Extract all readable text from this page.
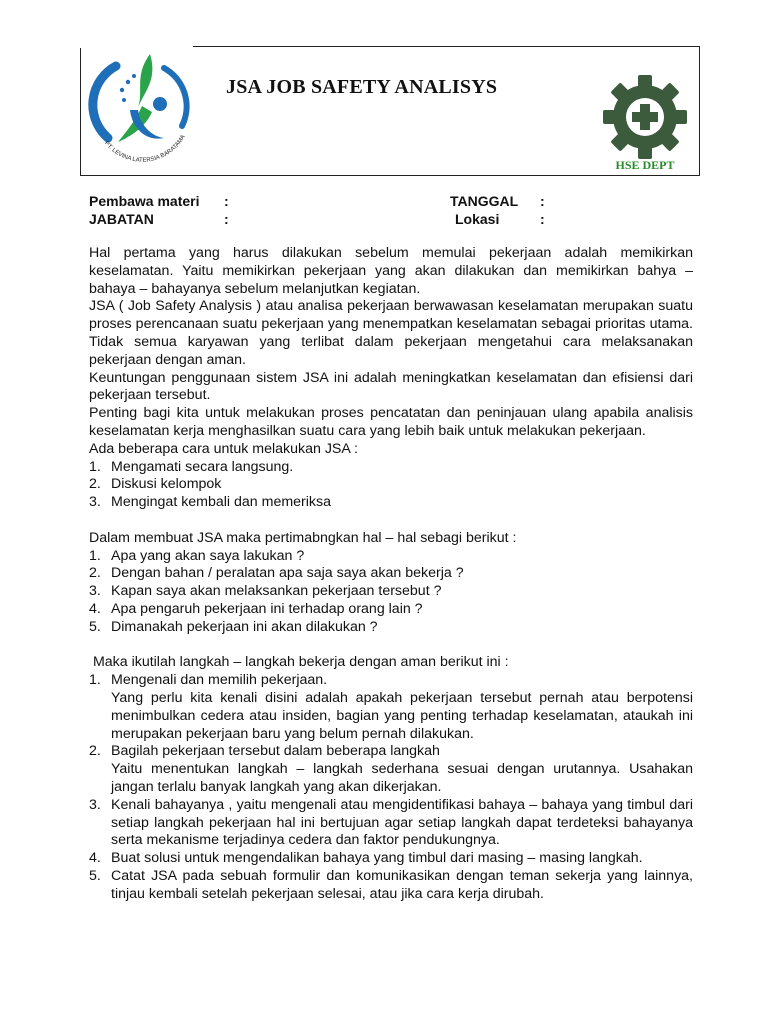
PT. LEVINA LATERSIA BARATAMA
JSA JOB SAFETY ANALISYS
HSE DEPT
Pembawa materi :
JABATAN	:
TANGGAL :
Lokasi	:

Hal pertama yang harus dilakukan sebelum memulai pekerjaan adalah memikirkan keselamatan. Yaitu memikirkan pekerjaan yang akan dilakukan dan memikirkan bahya – bahaya – bahayanya sebelum melanjutkan kegiatan.

JSA ( Job Safety Analysis ) atau analisa pekerjaan berwawasan keselamatan merupakan suatu proses perencanaan suatu pekerjaan yang menempatkan keselamatan sebagai prioritas utama. Tidak semua karyawan yang terlibat dalam pekerjaan mengetahui cara melaksanakan pekerjaan dengan aman.

Keuntungan penggunaan sistem JSA ini adalah meningkatkan keselamatan dan efisiensi dari pekerjaan tersebut.

Penting bagi kita untuk melakukan proses pencatatan dan peninjauan ulang apabila analisis keselamatan kerja menghasilkan suatu cara yang lebih baik untuk melakukan pekerjaan.

Ada beberapa cara untuk melakukan JSA :

1. Mengamati secara langsung.
2. Diskusi kelompok
3. Mengingat kembali dan memeriksa

Dalam membuat JSA maka pertimabngkan hal – hal sebagi berikut :

1. Apa yang akan saya lakukan ?
2. Dengan bahan / peralatan apa saja saya akan bekerja ?
3. Kapan saya akan melaksankan pekerjaan tersebut ?
4. Apa pengaruh pekerjaan ini terhadap orang lain ?
5. Dimanakah pekerjaan ini akan dilakukan ?

Maka ikutilah langkah – langkah bekerja dengan aman berikut ini :

1. Mengenali dan memilih pekerjaan.
Yang perlu kita kenali disini adalah apakah pekerjaan tersebut pernah atau berpotensi menimbulkan cedera atau insiden, bagian yang penting terhadap keselamatan, ataukah ini merupakan pekerjaan baru yang belum pernah dilakukan.
2. Bagilah pekerjaan tersebut dalam beberapa langkah
Yaitu menentukan langkah – langkah sederhana sesuai dengan urutannya. Usahakan jangan terlalu banyak langkah yang akan dikerjakan.
3. Kenali bahayanya , yaitu mengenali atau mengidentifikasi bahaya – bahaya yang timbul dari setiap langkah pekerjaan hal ini bertujuan agar setiap langkah dapat terdeteksi bahayanya serta mekanisme terjadinya cedera dan faktor pendukungnya.
4. Buat solusi untuk mengendalikan bahaya yang timbul dari masing – masing langkah.
5. Catat JSA pada sebuah formulir dan komunikasikan dengan teman sekerja yang lainnya, tinjau kembali setelah pekerjaan selesai, atau jika cara kerja dirubah.
